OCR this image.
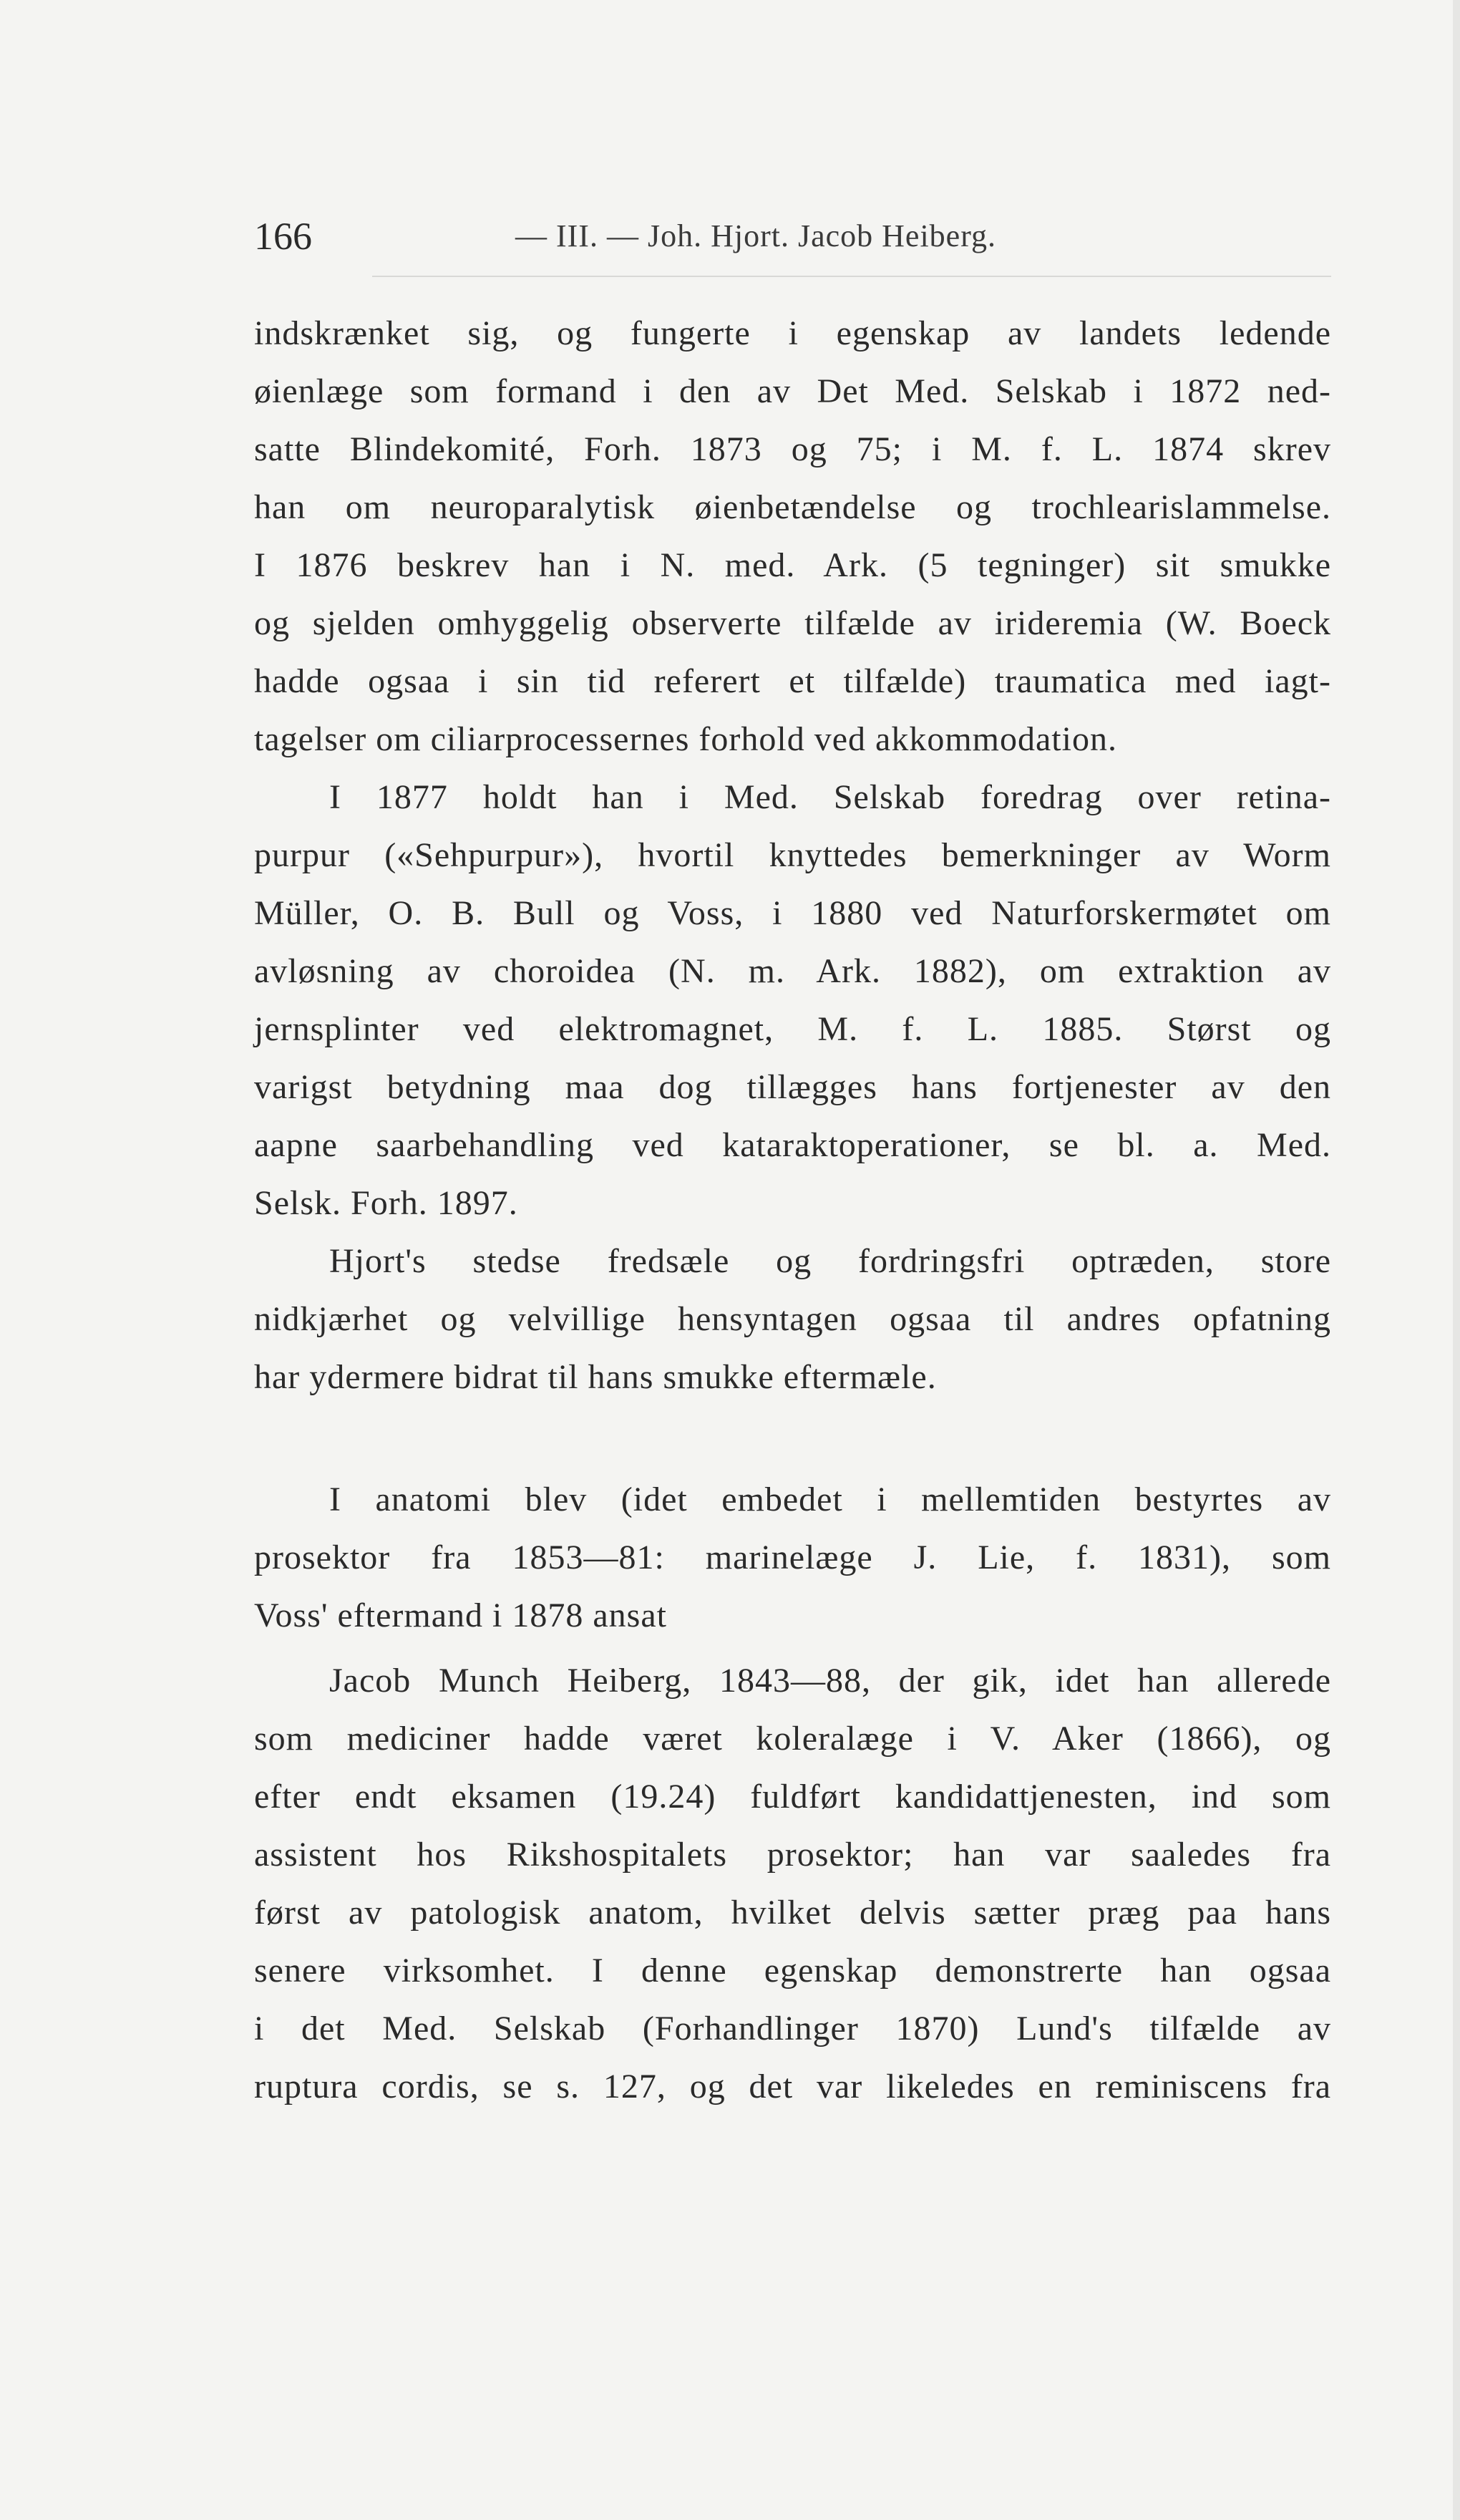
166	— III. — Joh. Hjort. Jacob Heiberg.

indskrænket sig, og fungerte i egenskap av landets ledende
øienlæge som formand i den av Det Med. Selskab i 1872 ned-
satte Blindekomité, Forh. 1873 og 75; i M. f. L. 1874 skrev
han om neuroparalytisk øienbetændelse og trochlearislammelse.
I 1876 beskrev han i N. med. Ark. (5 tegninger) sit smukke
og sjelden omhyggelig observerte tilfælde av irideremia (W. Boeck
hadde ogsaa i sin tid referert et tilfælde) traumatica med iagt-
tagelser om ciliarprocessernes forhold ved akkommodation.

I 1877 holdt han i Med. Selskab foredrag over retina-
purpur («Sehpurpur»), hvortil knyttedes bemerkninger av Worm
Müller, O. B. Bull og Voss, i 1880 ved Naturforskermøtet om
avløsning av choroidea (N. m. Ark. 1882), om extraktion av
jernsplinter ved elektromagnet, M. f. L. 1885. Størst og
varigst betydning maa dog tillægges hans fortjenester av den
aapne saarbehandling ved kataraktoperationer, se bl. a. Med.
Selsk. Forh. 1897.

Hjort's stedse fredsæle og fordringsfri optræden, store
nidkjærhet og velvillige hensyntagen ogsaa til andres opfatning
har ydermere bidrat til hans smukke eftermæle.

I anatomi blev (idet embedet i mellemtiden bestyrtes av
prosektor fra 1853—81: marinelæge J. Lie, f. 1831), som
Voss' eftermand i 1878 ansat

Jacob Munch Heiberg, 1843—88, der gik, idet han allerede
som mediciner hadde været koleralæge i V. Aker (1866), og
efter endt eksamen (19.24) fuldført kandidattjenesten, ind som
assistent hos Rikshospitalets prosektor; han var saaledes fra
først av patologisk anatom, hvilket delvis sætter præg paa hans
senere virksomhet. I denne egenskap demonstrerte han ogsaa
i det Med. Selskab (Forhandlinger 1870) Lund's tilfælde av
ruptura cordis, se s. 127, og det var likeledes en reminiscens fra
